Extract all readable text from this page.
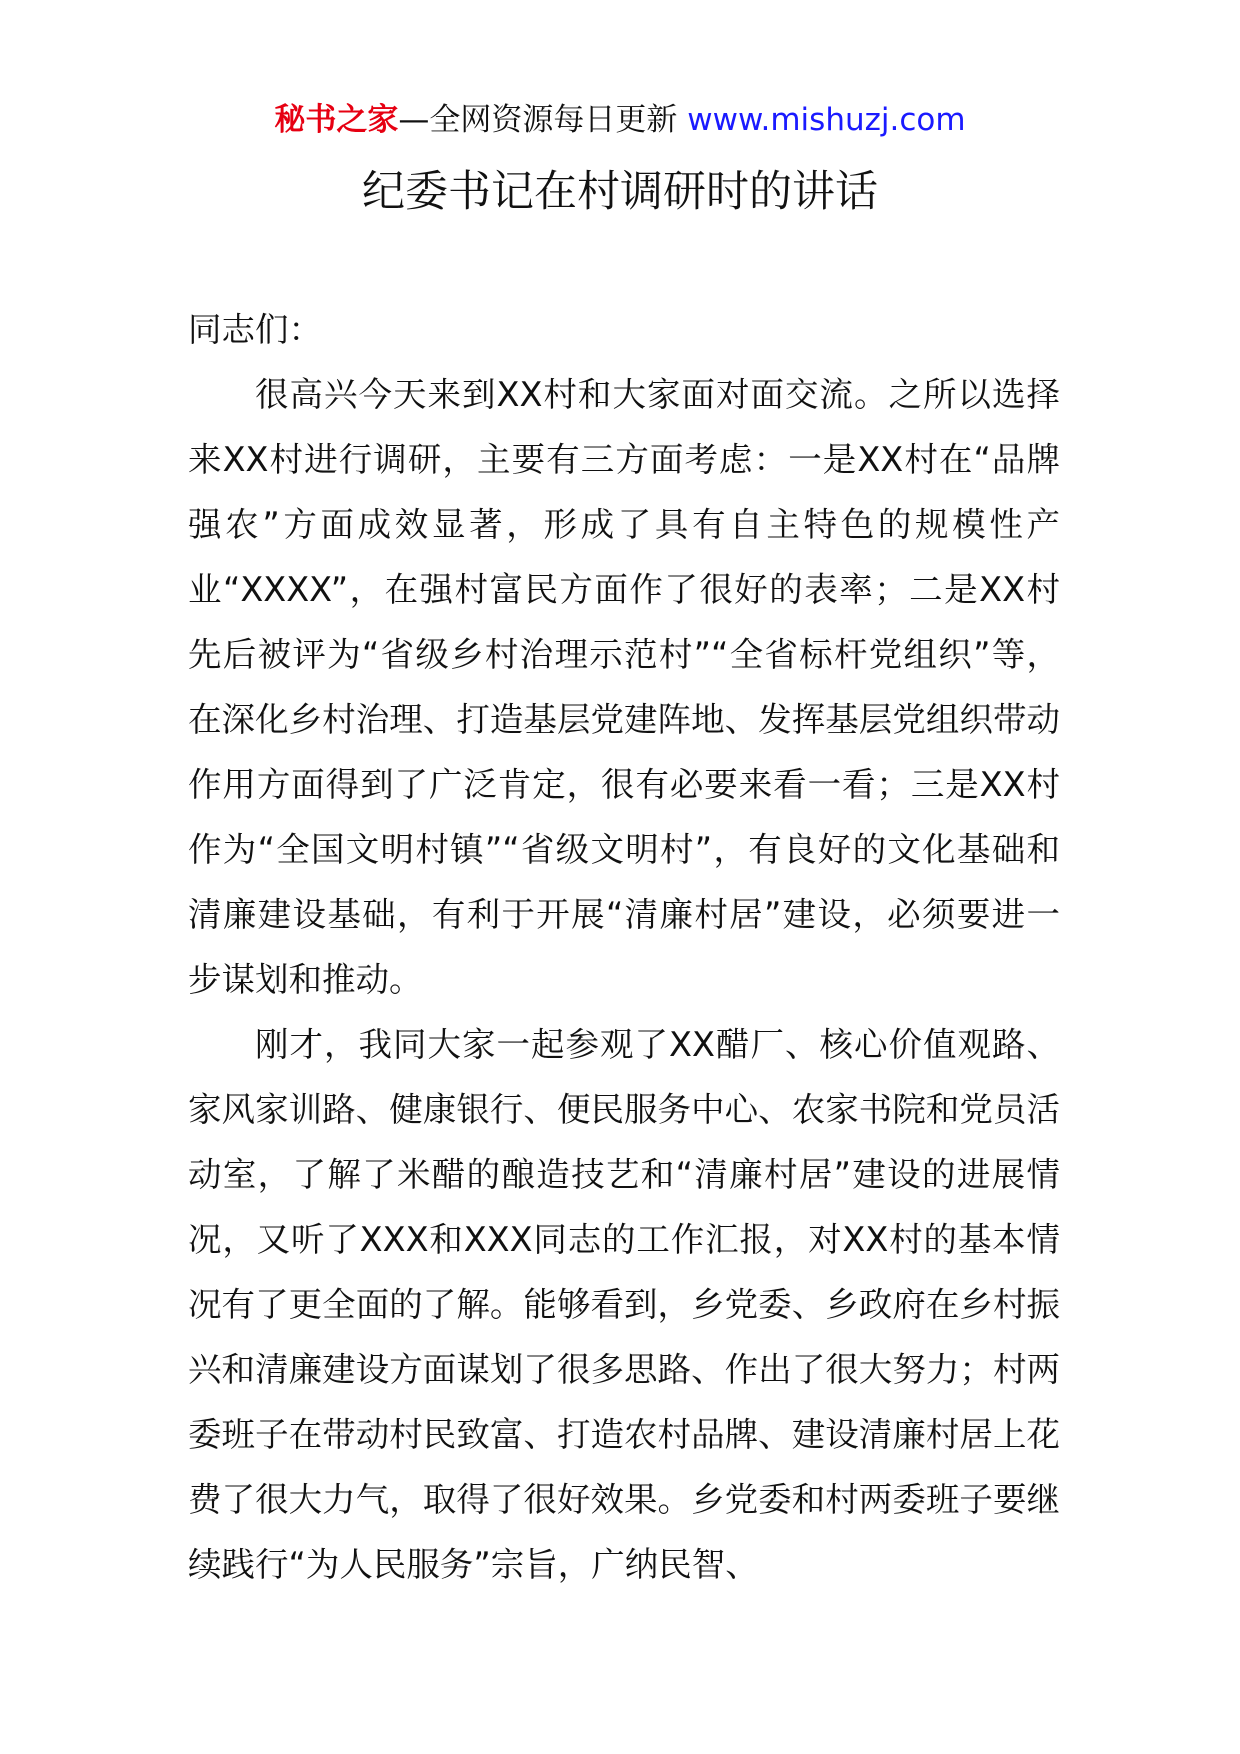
秘书之家—全网资源每日更新 www.mishuzj.com
纪委书记在村调研时的讲话

同志们：

很高兴今天来到XX村和大家面对面交流。之所以选择来XX村进行调研，主要有三方面考虑：一是XX村在“品牌强农”方面成效显著，形成了具有自主特色的规模性产业“XXXX”，在强村富民方面作了很好的表率；二是XX村先后被评为“省级乡村治理示范村”“全省标杆党组织”等，在深化乡村治理、打造基层党建阵地、发挥基层党组织带动作用方面得到了广泛肯定，很有必要来看一看；三是XX村作为“全国文明村镇”“省级文明村”，有良好的文化基础和清廉建设基础，有利于开展“清廉村居”建设，必须要进一步谋划和推动。

刚才，我同大家一起参观了XX醋厂、核心价值观路、家风家训路、健康银行、便民服务中心、农家书院和党员活动室，了解了米醋的酿造技艺和“清廉村居”建设的进展情况，又听了XXX和XXX同志的工作汇报，对XX村的基本情况有了更全面的了解。能够看到，乡党委、乡政府在乡村振兴和清廉建设方面谋划了很多思路、作出了很大努力；村两委班子在带动村民致富、打造农村品牌、建设清廉村居上花费了很大力气，取得了很好效果。乡党委和村两委班子要继续践行“为人民服务”宗旨，广纳民智、
